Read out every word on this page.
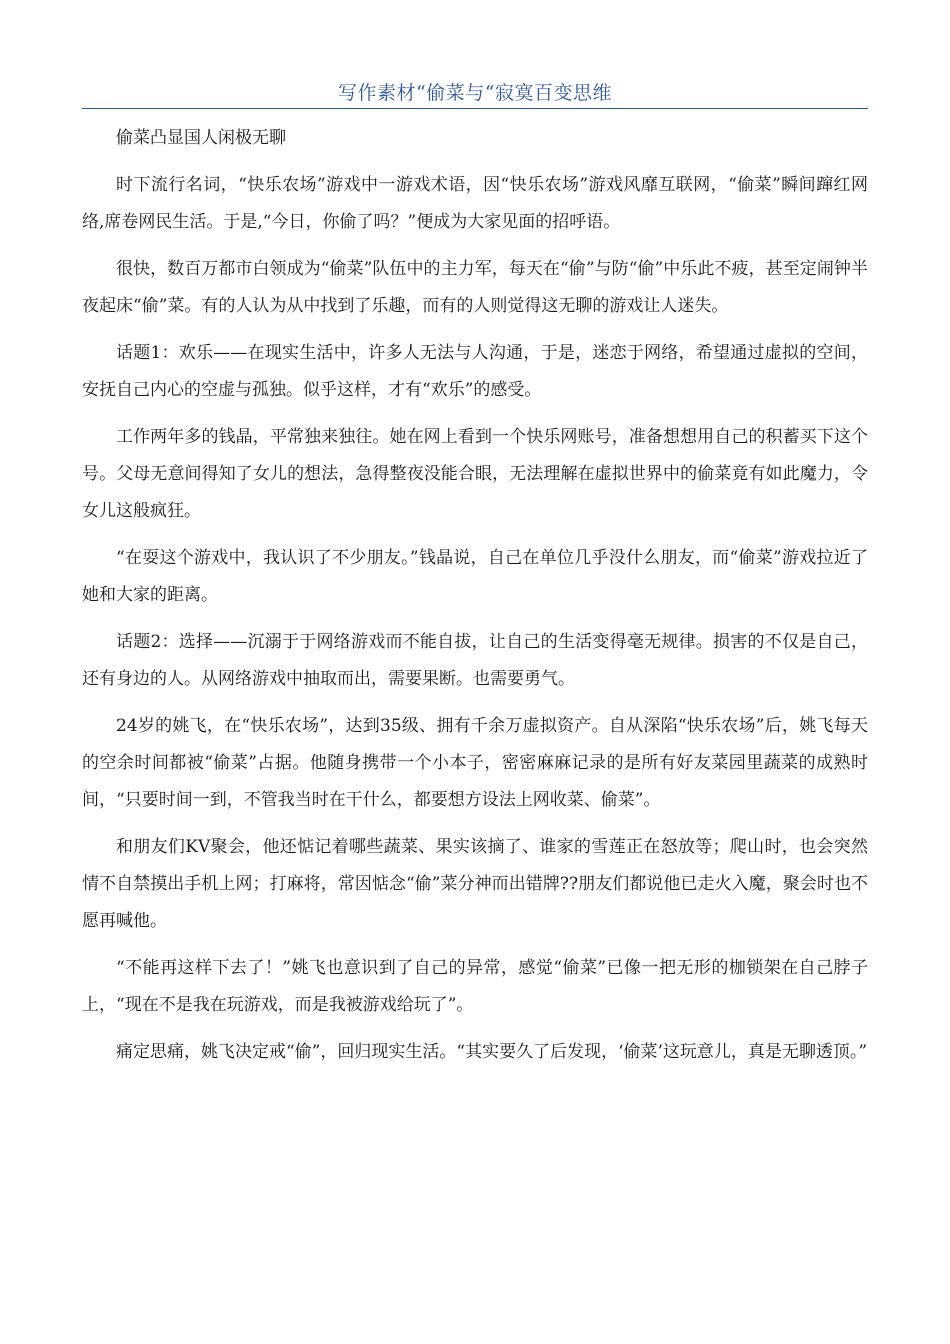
写作素材“偷菜与“寂寞百变思维

偷菜凸显国人闲极无聊

时下流行名词，“快乐农场”游戏中一游戏术语，因“快乐农场”游戏风靡互联网，“偷菜”瞬间蹿红网络,席卷网民生活。于是,“今日，你偷了吗？”便成为大家见面的招呼语。

很快，数百万都市白领成为“偷菜”队伍中的主力军，每天在“偷”与防“偷”中乐此不疲，甚至定闹钟半夜起床“偷”菜。有的人认为从中找到了乐趣，而有的人则觉得这无聊的游戏让人迷失。

话题1：欢乐——在现实生活中，许多人无法与人沟通，于是，迷恋于网络，希望通过虚拟的空间，安抚自己内心的空虚与孤独。似乎这样，才有“欢乐”的感受。

工作两年多的钱晶，平常独来独往。她在网上看到一个快乐网账号，准备想想用自己的积蓄买下这个号。父母无意间得知了女儿的想法，急得整夜没能合眼，无法理解在虚拟世界中的偷菜竟有如此魔力，令女儿这般疯狂。

“在耍这个游戏中，我认识了不少朋友。”钱晶说，自己在单位几乎没什么朋友，而“偷菜”游戏拉近了她和大家的距离。

话题2：选择——沉溺于于网络游戏而不能自拔，让自己的生活变得毫无规律。损害的不仅是自己，还有身边的人。从网络游戏中抽取而出，需要果断。也需要勇气。

24岁的姚飞，在“快乐农场”，达到35级、拥有千余万虚拟资产。自从深陷“快乐农场”后，姚飞每天的空余时间都被“偷菜”占据。他随身携带一个小本子，密密麻麻记录的是所有好友菜园里蔬菜的成熟时间，“只要时间一到，不管我当时在干什么，都要想方设法上网收菜、偷菜”。

和朋友们KV聚会，他还惦记着哪些蔬菜、果实该摘了、谁家的雪莲正在怒放等；爬山时，也会突然情不自禁摸出手机上网；打麻将，常因惦念“偷”菜分神而出错牌??朋友们都说他已走火入魔，聚会时也不愿再喊他。

“不能再这样下去了！”姚飞也意识到了自己的异常，感觉“偷菜”已像一把无形的枷锁架在自己脖子上，“现在不是我在玩游戏，而是我被游戏给玩了”。

痛定思痛，姚飞决定戒“偷”，回归现实生活。“其实要久了后发现，‘偷菜’这玩意儿，真是无聊透顶。”
